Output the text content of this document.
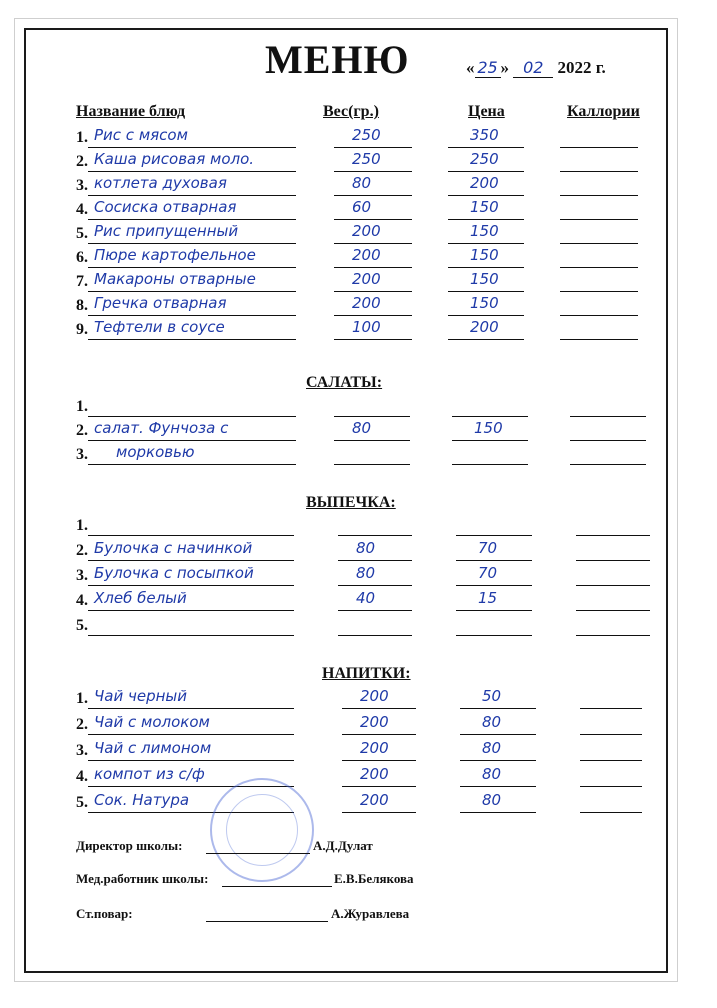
МЕНЮ	« 25 » 02 2022 г.
Название блюд	Вес(гр.)	Цена	Каллории
1. Рис с мясом	250	350
2. Каша рисовая моло.	250	250
3. котлета духовая	80	200
4. Сосиска отварная	60	150
5. Рис припущенный	200	150
6. Пюре картофельное	200	150
7. Макароны отварные	200	150
8. Гречка отварная	200	150
9. Тефтели в соусе	100	200
САЛАТЫ:
1.
2. салат. Фунчоза с	80	150
3. морковью
ВЫПЕЧКА:
1.
2. Булочка с начинкой	80	70
3. Булочка с посыпкой	80	70
4. Хлеб белый	40	15
5.
НАПИТКИ:
1. Чай черный	200	50
2. Чай с молоком	200	80
3. Чай с лимоном	200	80
4. компот из с/ф	200	80
5. Сок. Натура	200	80
Директор школы:	А.Д.Дулат
Мед.работник школы:	Е.В.Белякова
Ст.повар:	А.Журавлева
